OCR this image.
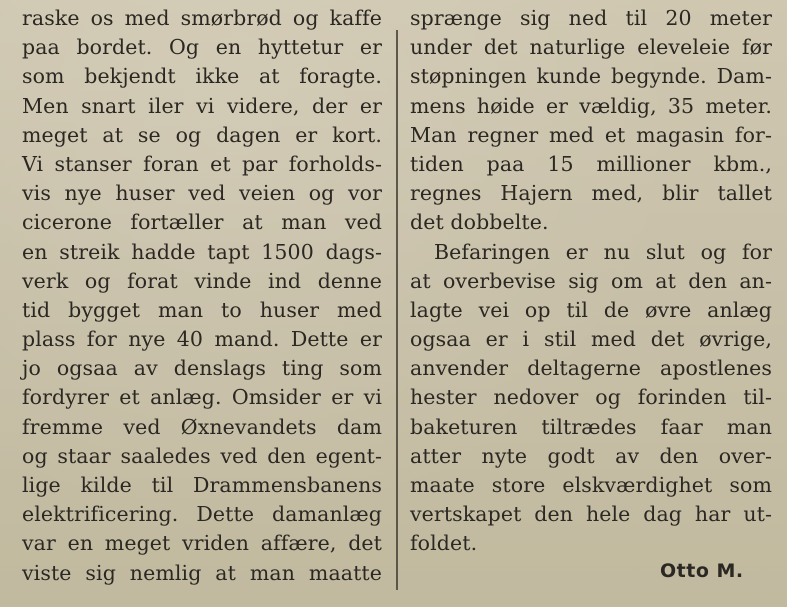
raske os med smørbrød og kaffe
paa bordet. Og en hyttetur er
som bekjendt ikke at foragte.
Men snart iler vi videre, der er
meget at se og dagen er kort.
Vi stanser foran et par forholds-
vis nye huser ved veien og vor
cicerone fortæller at man ved
en streik hadde tapt 1500 dags-
verk og forat vinde ind denne
tid bygget man to huser med
plass for nye 40 mand. Dette er
jo ogsaa av denslags ting som
fordyrer et anlæg. Omsider er vi
fremme ved Øxnevandets dam
og staar saaledes ved den egent-
lige kilde til Drammensbanens
elektrificering. Dette damanlæg
var en meget vriden affære, det
viste sig nemlig at man maatte
sprænge sig ned til 20 meter
under det naturlige eleveleie før
støpningen kunde begynde. Dam-
mens høide er vældig, 35 meter.
Man regner med et magasin for-
tiden paa 15 millioner kbm.,
regnes Hajern med, blir tallet
det dobbelte.
Befaringen er nu slut og for
at overbevise sig om at den an-
lagte vei op til de øvre anlæg
ogsaa er i stil med det øvrige,
anvender deltagerne apostlenes
hester nedover og forinden til-
baketuren tiltrædes faar man
atter nyte godt av den over-
maate store elskværdighet som
vertskapet den hele dag har ut-
foldet.
Otto M.
